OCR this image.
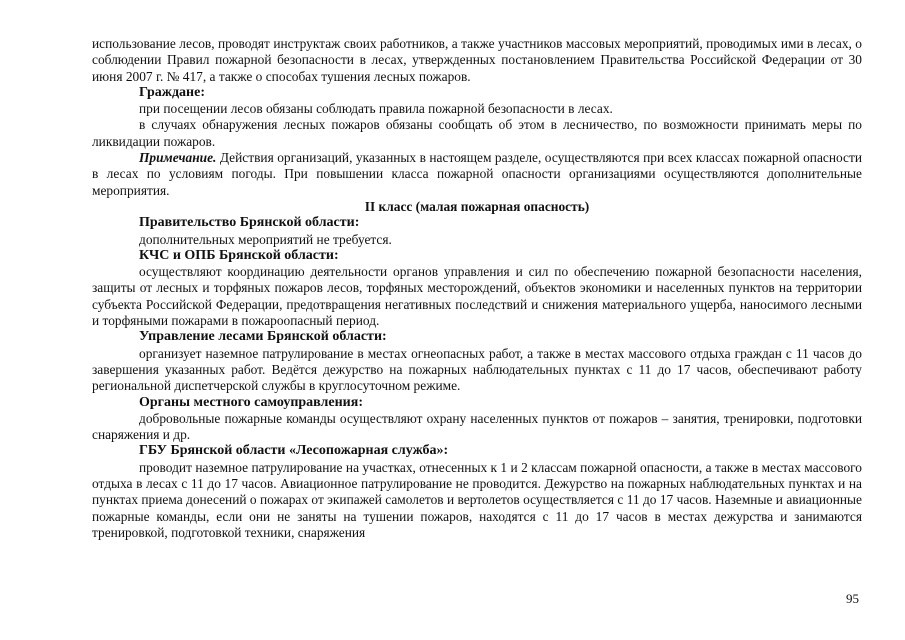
использование лесов, проводят инструктаж своих работников, а также участников массовых мероприятий, проводимых ими в лесах, о соблюдении Правил пожарной безопасности в лесах, утвержденных постановлением Правительства Российской Федерации от 30 июня 2007 г. № 417, а также о способах тушения лесных пожаров.

Граждане:

при посещении лесов обязаны соблюдать правила пожарной безопасности в лесах.

в случаях обнаружения лесных пожаров обязаны сообщать об этом в лесничество, по возможности принимать меры по ликвидации пожаров.

Примечание. Действия организаций, указанных в настоящем разделе, осуществляются при всех классах пожарной опасности в лесах по условиям погоды. При повышении класса пожарной опасности организациями осуществляются дополнительные мероприятия.

II класс (малая пожарная опасность)

Правительство Брянской области:

дополнительных мероприятий не требуется.

КЧС и ОПБ Брянской области:

осуществляют координацию деятельности органов управления и сил по обеспечению пожарной безопасности населения, защиты от лесных и торфяных пожаров лесов, торфяных месторождений, объектов экономики и населенных пунктов на территории субъекта Российской Федерации, предотвращения негативных последствий и снижения материального ущерба, наносимого лесными и торфяными пожарами в пожароопасный период.

Управление лесами Брянской области:

организует наземное патрулирование в местах огнеопасных работ, а также в местах массового отдыха граждан с 11 часов до завершения указанных работ. Ведётся дежурство на пожарных наблюдательных пунктах с 11 до 17 часов, обеспечивают работу региональной диспетчерской службы в круглосуточном режиме.

Органы местного самоуправления:

добровольные пожарные команды осуществляют охрану населенных пунктов от пожаров – занятия, тренировки, подготовки снаряжения и др.

ГБУ Брянской области «Лесопожарная служба»:

проводит наземное патрулирование на участках, отнесенных к 1 и 2 классам пожарной опасности, а также в местах массового отдыха в лесах с 11 до 17 часов. Авиационное патрулирование не проводится. Дежурство на пожарных наблюдательных пунктах и на пунктах приема донесений о пожарах от экипажей самолетов и вертолетов осуществляется с 11 до 17 часов. Наземные и авиационные пожарные команды, если они не заняты на тушении пожаров, находятся с 11 до 17 часов в местах дежурства и занимаются тренировкой, подготовкой техники, снаряжения

95
